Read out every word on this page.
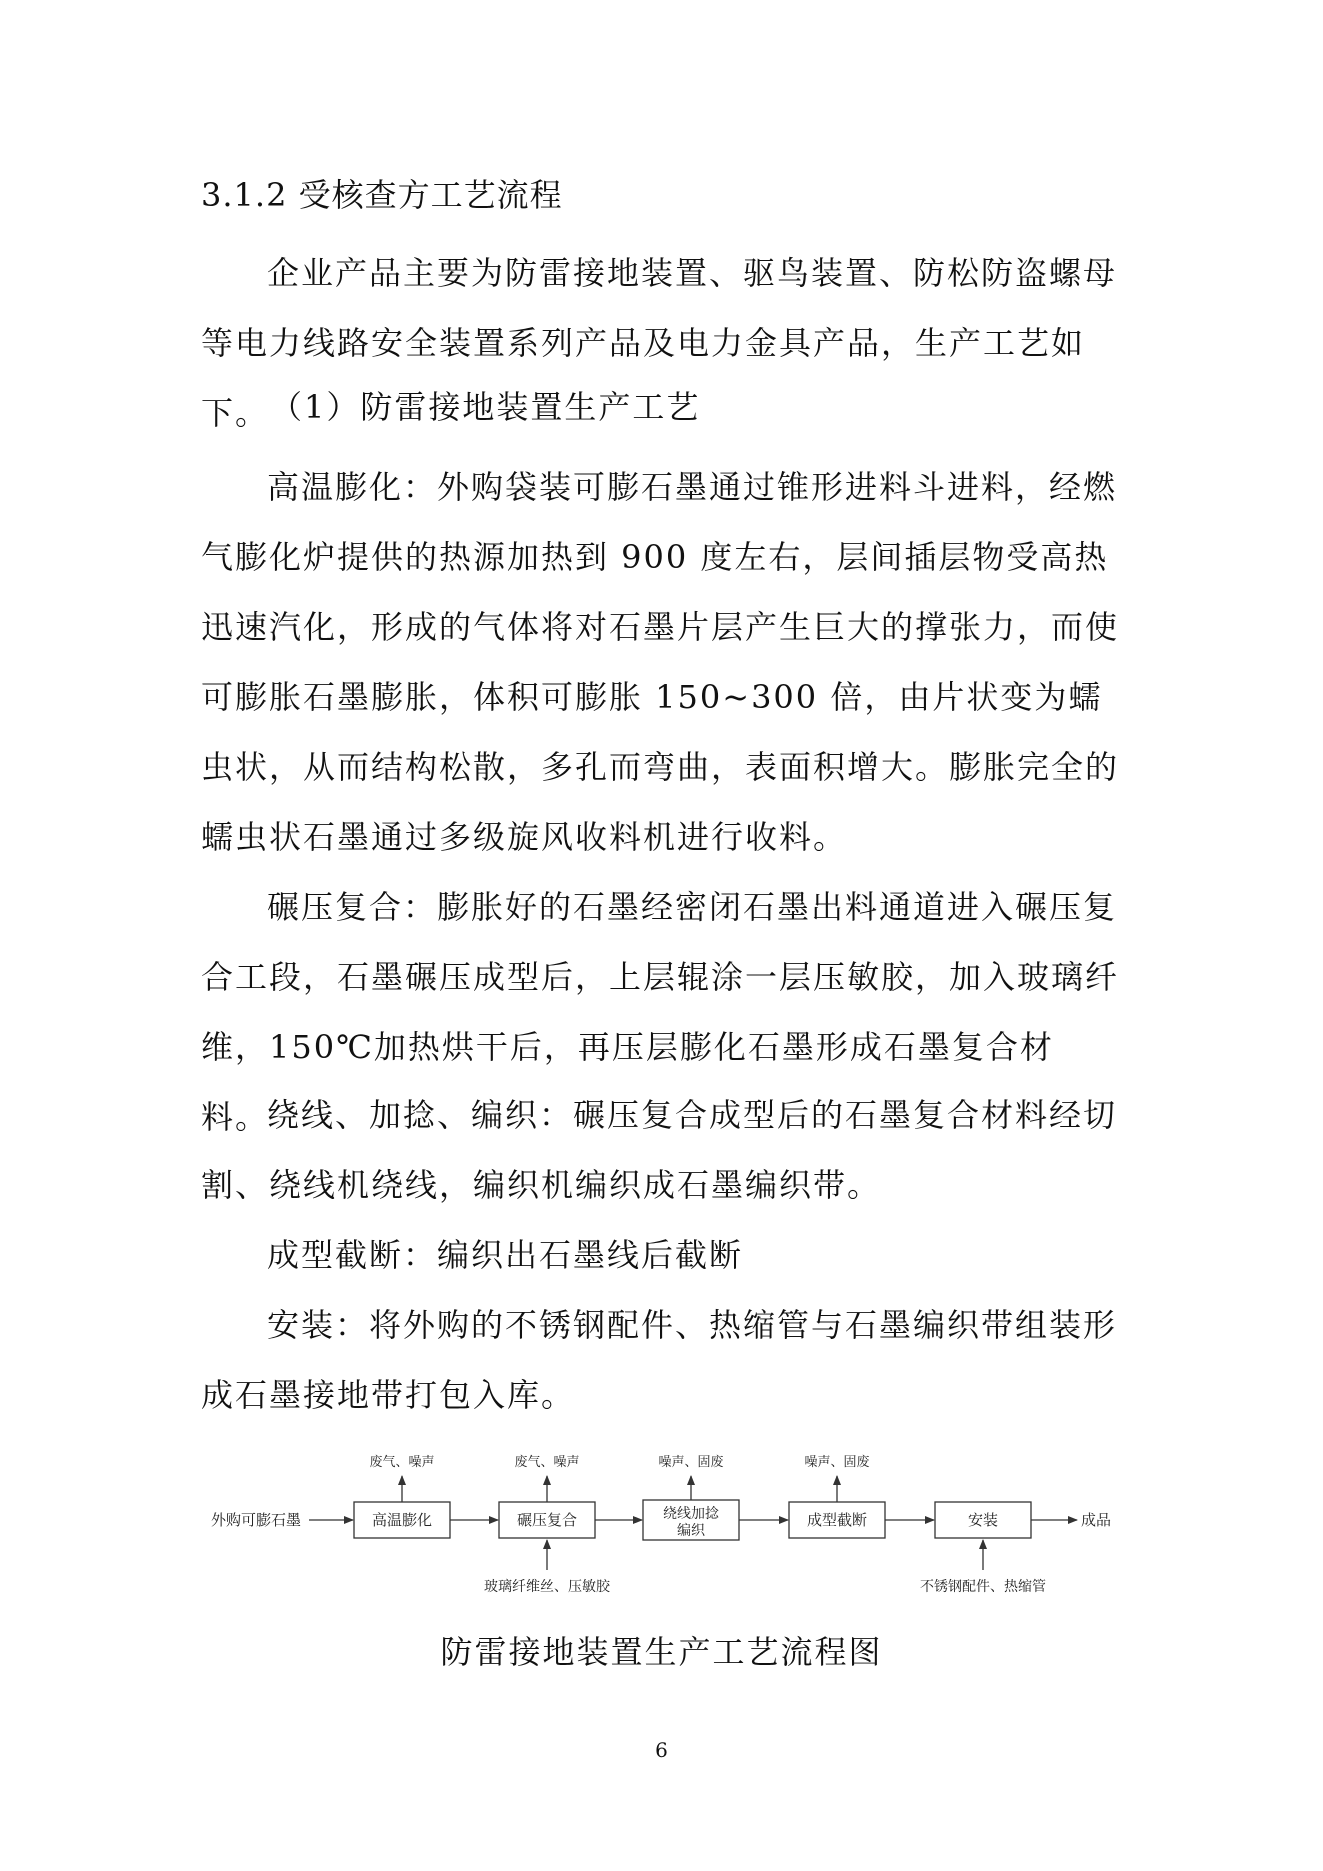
3.1.2 受核查方工艺流程

企业产品主要为防雷接地装置、驱鸟装置、防松防盗螺母等电力线路安全装置系列产品及电力金具产品，生产工艺如下。 （1）防雷接地装置生产工艺

高温膨化：外购袋装可膨石墨通过锥形进料斗进料，经燃气膨化炉提供的热源加热到 900 度左右，层间插层物受高热迅速汽化，形成的气体将对石墨片层产生巨大的撑张力，而使可膨胀石墨膨胀，体积可膨胀 150~300 倍，由片状变为蠕虫状，从而结构松散，多孔而弯曲，表面积增大。膨胀完全的蠕虫状石墨通过多级旋风收料机进行收料。

碾压复合：膨胀好的石墨经密闭石墨出料通道进入碾压复合工段，石墨碾压成型后，上层辊涂一层压敏胶，加入玻璃纤维，150℃加热烘干后，再压层膨化石墨形成石墨复合材料。

绕线、加捻、编织：碾压复合成型后的石墨复合材料经切割、绕线机绕线，编织机编织成石墨编织带。

成型截断：编织出石墨线后截断

安装：将外购的不锈钢配件、热缩管与石墨编织带组装形成石墨接地带打包入库。

外购可膨石墨	高温膨化
废气、噪声
碾压复合
废气、噪声
玻璃纤维丝、压敏胶
绕线加捻
编织
噪声、固废
成型截断
噪声、固废
安装
不锈钢配件、热缩管
成品
防雷接地装置生产工艺流程图
6
